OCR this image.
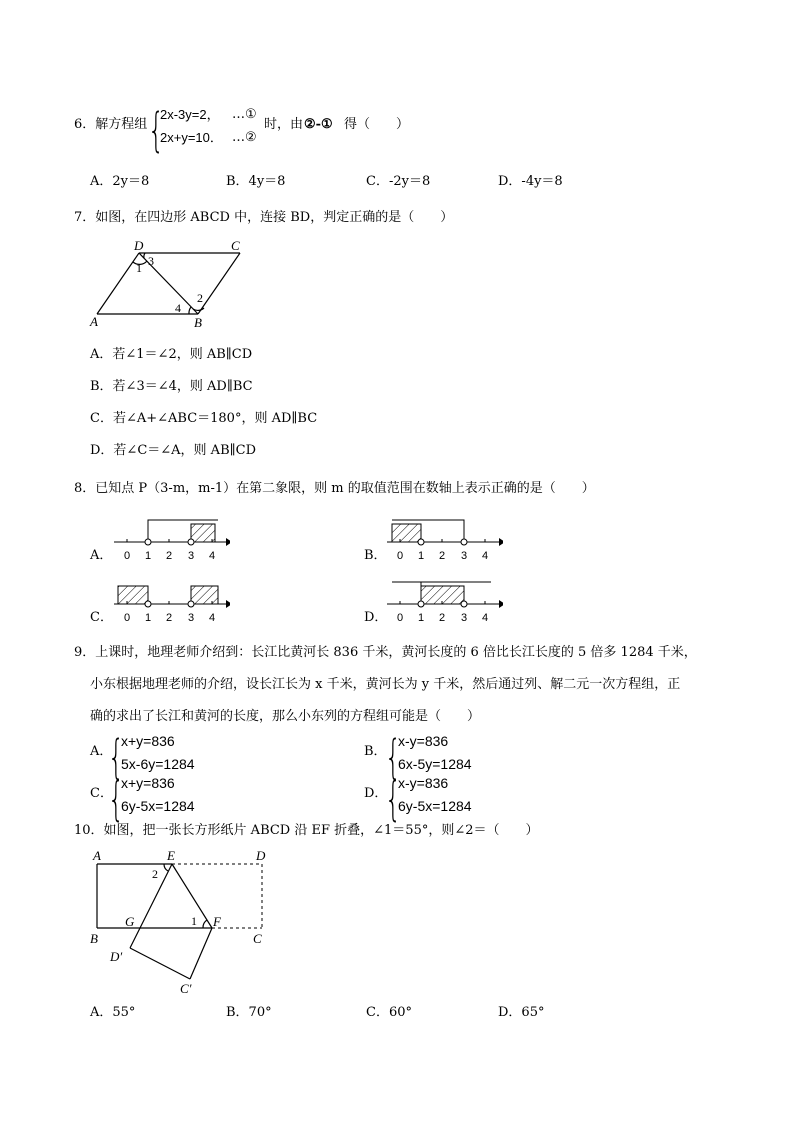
6．解方程组 {
2x-3y=2， …①
2x+y=10． …②
时，由 ②-① 得（　　）
A．2y＝8	B．4y＝8	C．-2y＝8	D．-4y＝8
7．如图，在四边形 ABCD 中，连接 BD，判定正确的是（　　）
D	C
A	B
1 3
4
2
A．若∠1＝∠2，则 AB∥CD
B．若∠3＝∠4，则 AD∥BC
C．若∠A+∠ABC＝180°，则 AD∥BC
D．若∠C＝∠A，则 AB∥CD
8．已知点 P（3-m，m-1）在第二象限，则 m 的取值范围在数轴上表示正确的是（　　）
A． 0 1 2 3 4	B． 0 1 2 3 4
C． 0 1 2 3 4	D． 0 1 2 3 4
9．上课时，地理老师介绍到：长江比黄河长 836 千米，黄河长度的 6 倍比长江长度的 5 倍多 1284 千米，
小东根据地理老师的介绍，设长江长为 x 千米，黄河长为 y 千米，然后通过列、解二元一次方程组，正
确的求出了长江和黄河的长度，那么小东列的方程组可能是（　　）
A．
{
x+y=836
5x-6y=1284
B．
{
x-y=836
6x-5y=1284
C．
{
x+y=836
6y-5x=1284
D．
{
x-y=836
6y-5x=1284
10．如图，把一张长方形纸片 ABCD 沿 EF 折叠，∠1＝55°，则∠2＝（　　）
A	E	D
B
G	F
C
D′
C′
2
1
A．55°	B．70°	C．60°	D．65°
